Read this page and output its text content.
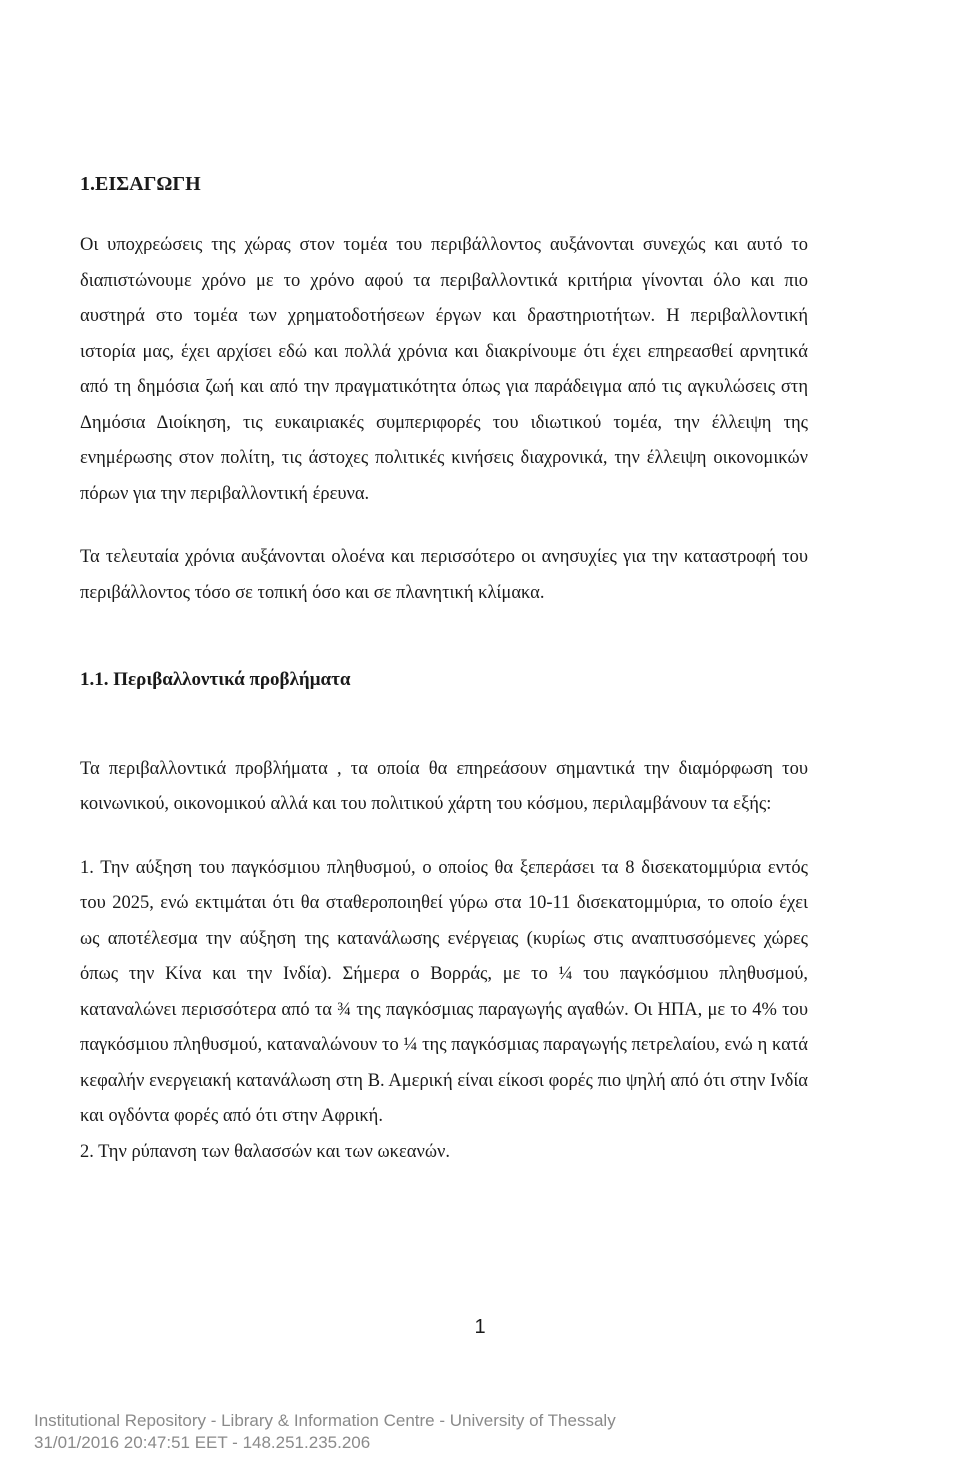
1.ΕΙΣΑΓΩΓΗ

Οι υποχρεώσεις της χώρας στον τομέα του περιβάλλοντος αυξάνονται συνεχώς και αυτό το διαπιστώνουμε χρόνο με το χρόνο αφού τα περιβαλλοντικά κριτήρια γίνονται όλο και πιο αυστηρά στο τομέα των χρηματοδοτήσεων έργων και δραστηριοτήτων. Η περιβαλλοντική ιστορία μας, έχει αρχίσει εδώ και πολλά χρόνια και διακρίνουμε ότι έχει επηρεασθεί αρνητικά από τη δημόσια ζωή και από την πραγματικότητα όπως για παράδειγμα από τις αγκυλώσεις στη Δημόσια Διοίκηση, τις ευκαιριακές συμπεριφορές του ιδιωτικού τομέα, την έλλειψη της ενημέρωσης στον πολίτη, τις άστοχες πολιτικές κινήσεις διαχρονικά, την έλλειψη οικονομικών πόρων για την περιβαλλοντική έρευνα.

Τα τελευταία χρόνια αυξάνονται ολοένα και περισσότερο οι ανησυχίες για την καταστροφή του περιβάλλοντος τόσο σε τοπική όσο και σε πλανητική κλίμακα.

1.1. Περιβαλλοντικά προβλήματα

Τα περιβαλλοντικά προβλήματα , τα οποία θα επηρεάσουν σημαντικά την διαμόρφωση του κοινωνικού, οικονομικού αλλά και του πολιτικού χάρτη του κόσμου, περιλαμβάνουν τα εξής:

1. Την αύξηση του παγκόσμιου πληθυσμού, ο οποίος θα ξεπεράσει τα 8 δισεκατομμύρια εντός του 2025, ενώ εκτιμάται ότι θα σταθεροποιηθεί γύρω στα 10-11 δισεκατομμύρια, το οποίο έχει ως αποτέλεσμα την αύξηση της κατανάλωσης ενέργειας (κυρίως στις αναπτυσσόμενες χώρες όπως την Κίνα και την Ινδία). Σήμερα ο Βορράς, με το ¼ του παγκόσμιου πληθυσμού, καταναλώνει περισσότερα από τα ¾ της παγκόσμιας παραγωγής αγαθών. Οι ΗΠΑ, με το 4% του παγκόσμιου πληθυσμού, καταναλώνουν το ¼ της παγκόσμιας παραγωγής πετρελαίου, ενώ η κατά κεφαλήν ενεργειακή κατανάλωση στη Β. Αμερική είναι είκοσι φορές πιο ψηλή από ότι στην Ινδία και ογδόντα φορές από ότι στην Αφρική.

2. Την ρύπανση των θαλασσών και των ωκεανών.

1
Institutional Repository - Library & Information Centre - University of Thessaly
31/01/2016 20:47:51 EET - 148.251.235.206
